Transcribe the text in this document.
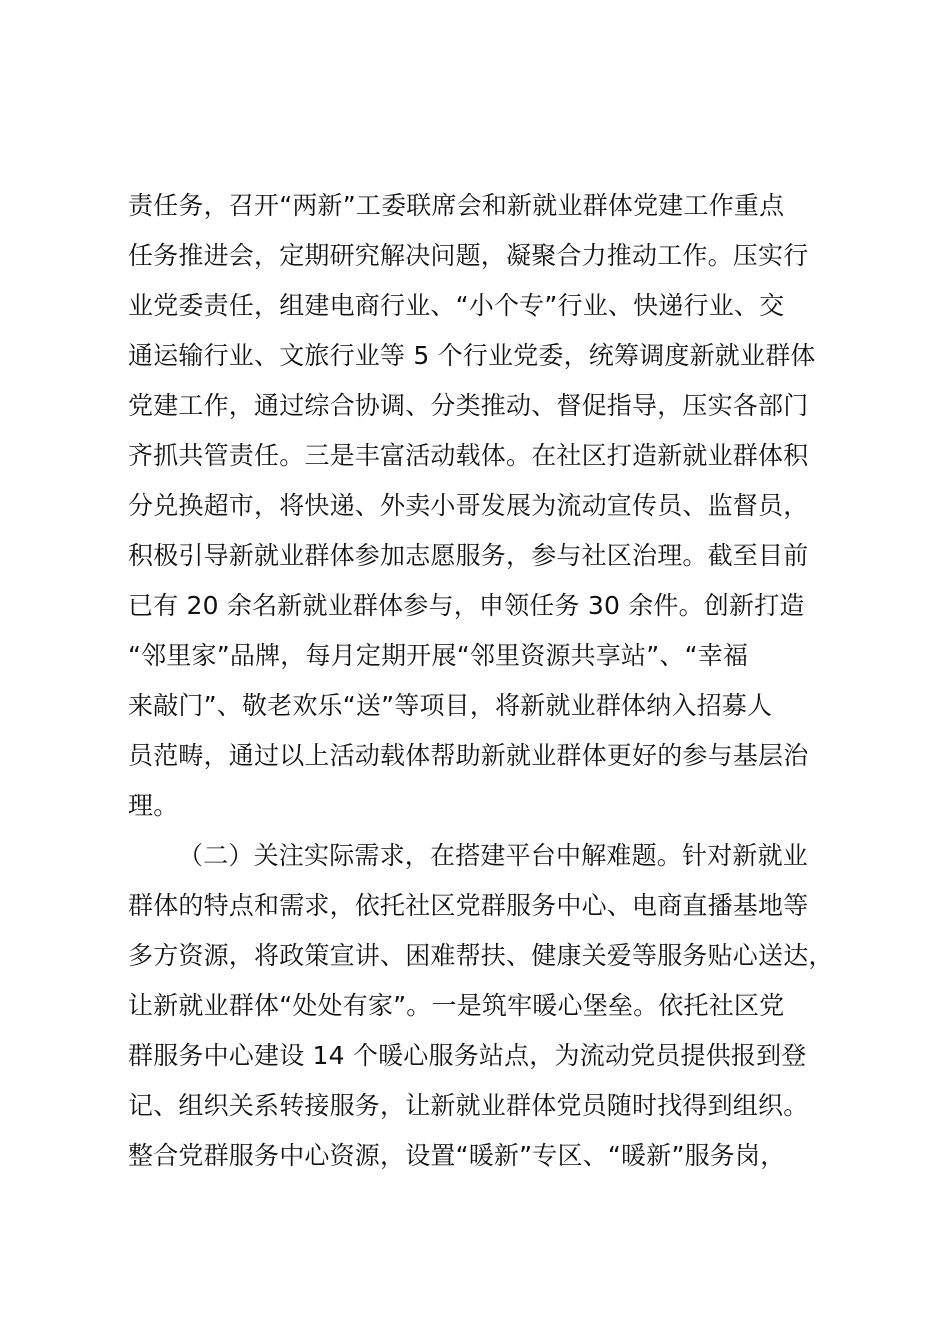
责任务，召开“两新”工委联席会和新就业群体党建工作重点
任务推进会，定期研究解决问题，凝聚合力推动工作。压实行
业党委责任，组建电商行业、“小个专”行业、快递行业、交
通运输行业、文旅行业等 5 个行业党委，统筹调度新就业群体
党建工作，通过综合协调、分类推动、督促指导，压实各部门
齐抓共管责任。三是丰富活动载体。在社区打造新就业群体积
分兑换超市，将快递、外卖小哥发展为流动宣传员、监督员，
积极引导新就业群体参加志愿服务，参与社区治理。截至目前
已有 20 余名新就业群体参与，申领任务 30 余件。创新打造
“邻里家”品牌，每月定期开展“邻里资源共享站”、“幸福
来敲门”、敬老欢乐“送”等项目，将新就业群体纳入招募人
员范畴，通过以上活动载体帮助新就业群体更好的参与基层治
理。
（二）关注实际需求，在搭建平台中解难题。针对新就业
群体的特点和需求，依托社区党群服务中心、电商直播基地等
多方资源，将政策宣讲、困难帮扶、健康关爱等服务贴心送达，
让新就业群体“处处有家”。一是筑牢暖心堡垒。依托社区党
群服务中心建设 14 个暖心服务站点，为流动党员提供报到登
记、组织关系转接服务，让新就业群体党员随时找得到组织。
整合党群服务中心资源，设置“暖新”专区、“暖新”服务岗，
